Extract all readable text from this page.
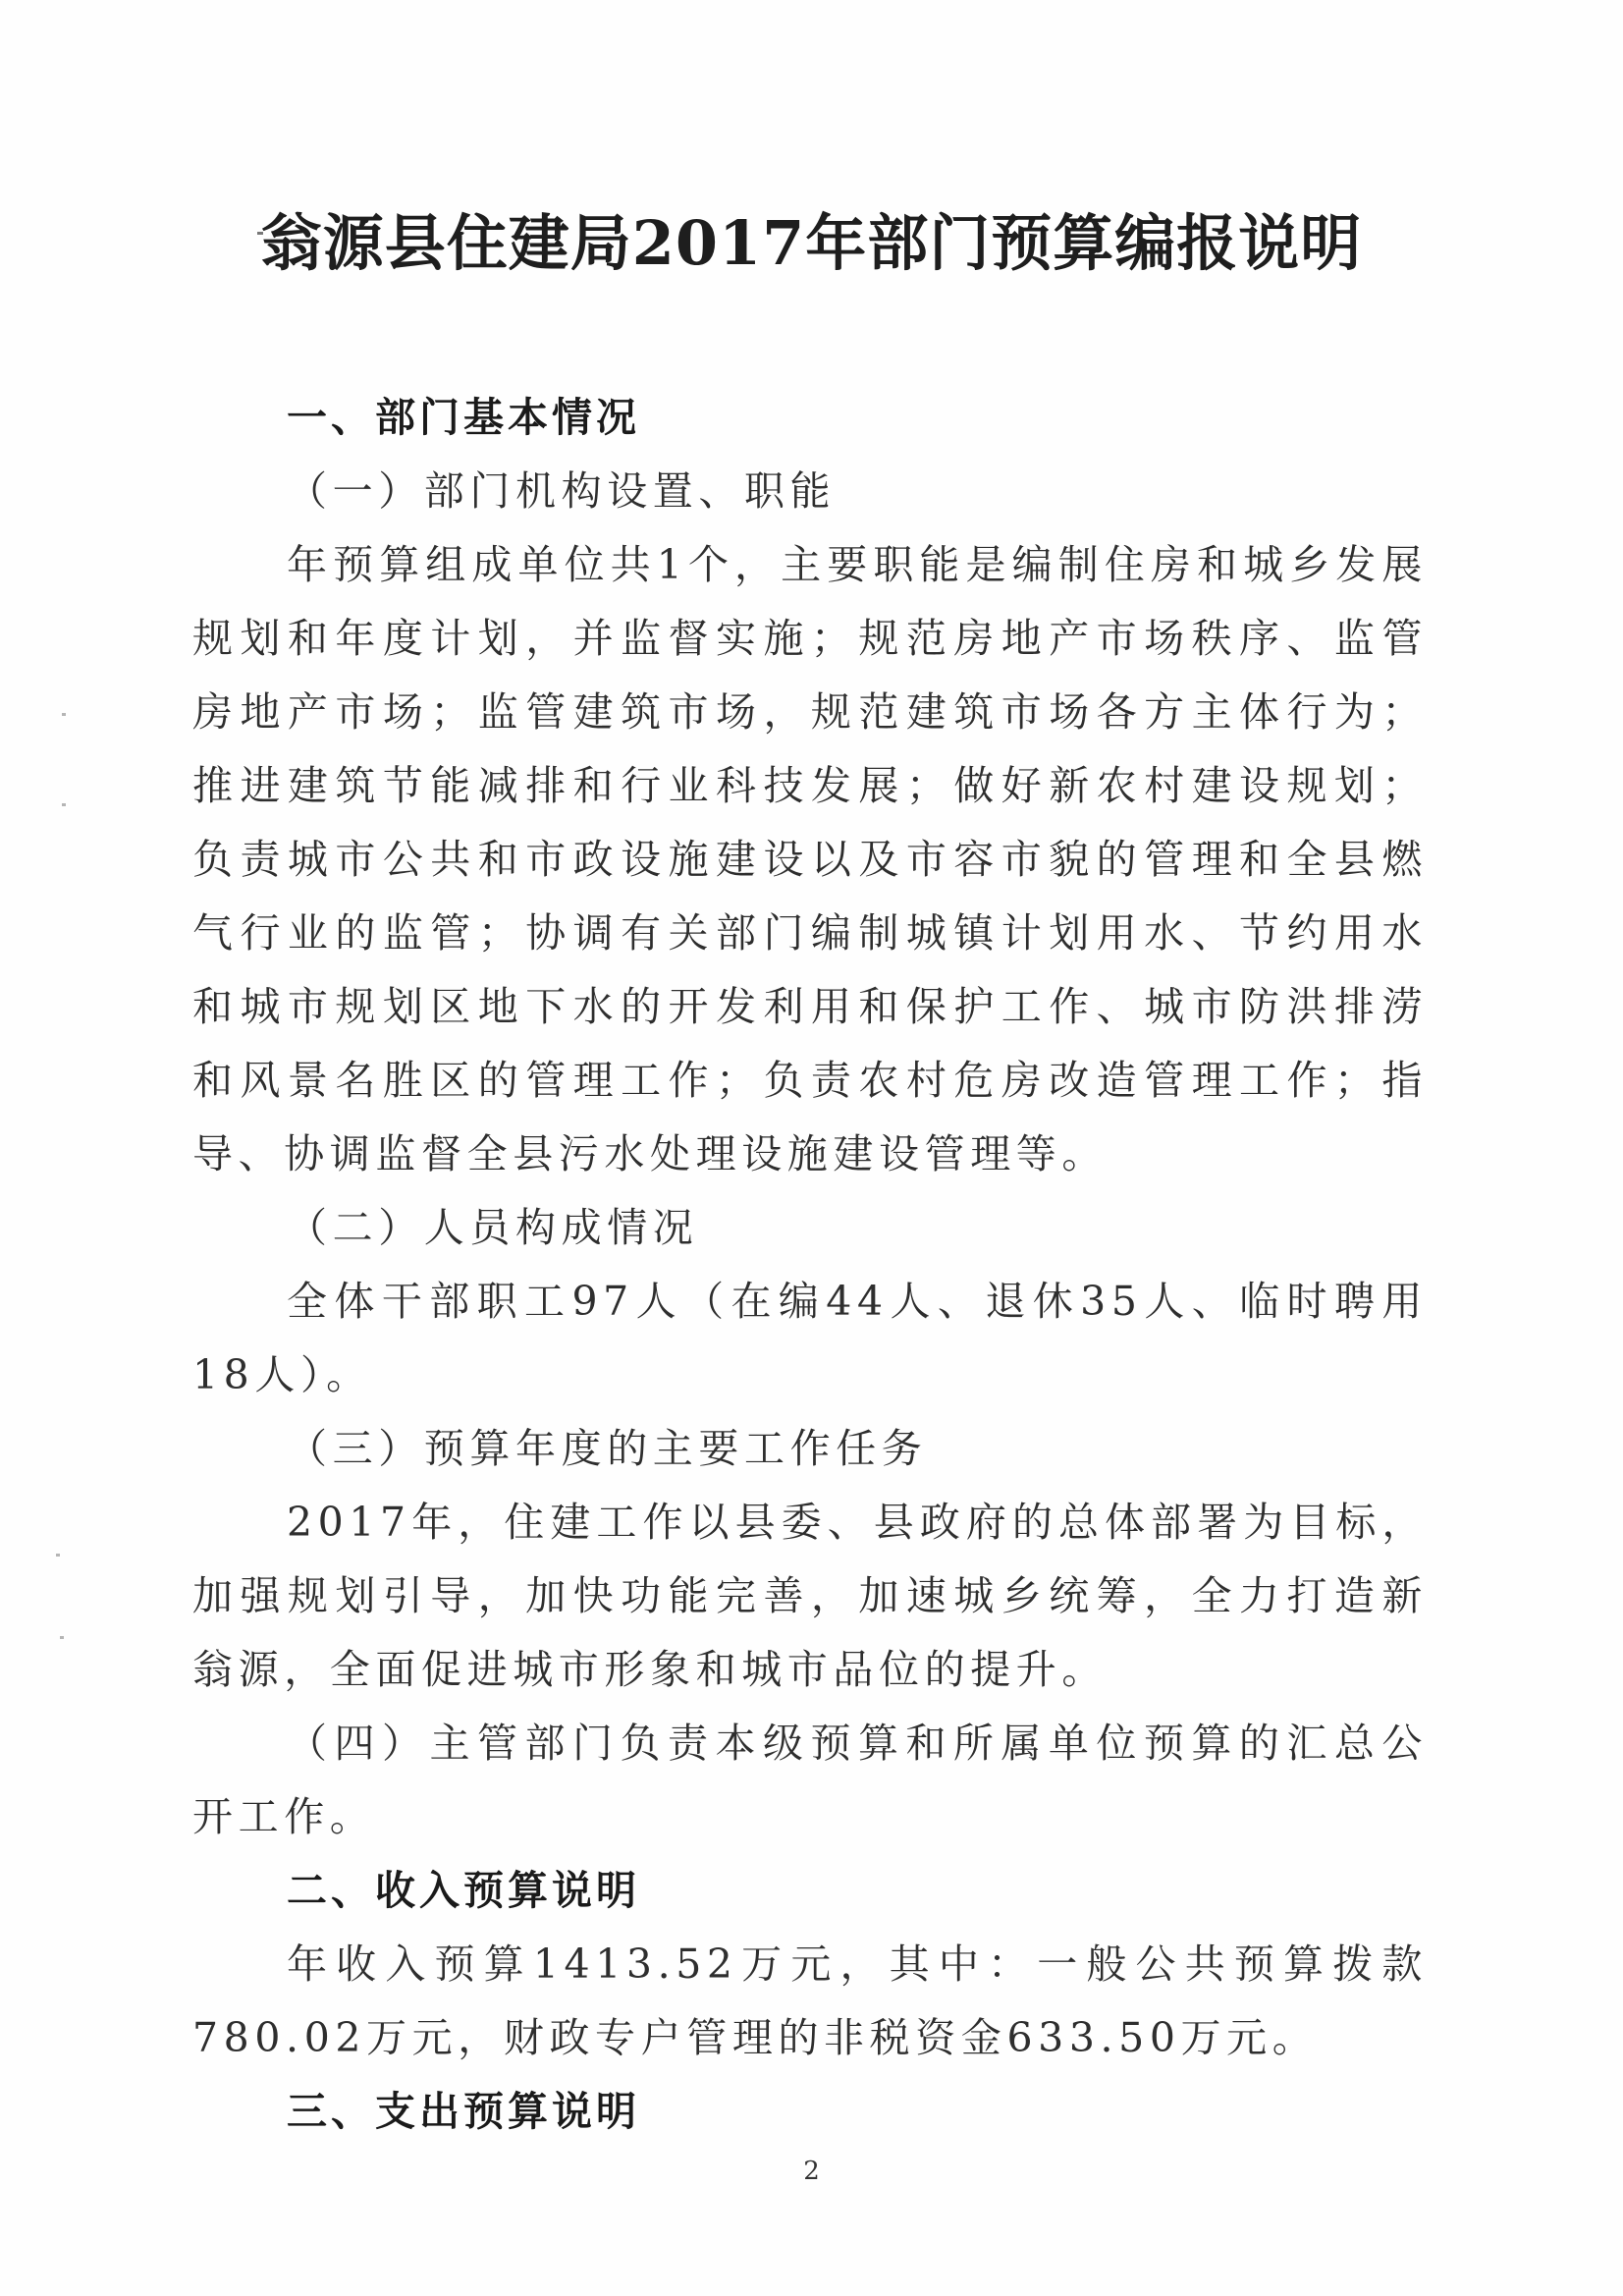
翁源县住建局2017年部门预算编报说明

一、部门基本情况

（一）部门机构设置、职能

年预算组成单位共1个，主要职能是编制住房和城乡发展规划和年度计划，并监督实施；规范房地产市场秩序、监管房地产市场；监管建筑市场，规范建筑市场各方主体行为；推进建筑节能减排和行业科技发展；做好新农村建设规划；负责城市公共和市政设施建设以及市容市貌的管理和全县燃气行业的监管；协调有关部门编制城镇计划用水、节约用水和城市规划区地下水的开发利用和保护工作、城市防洪排涝和风景名胜区的管理工作；负责农村危房改造管理工作；指导、协调监督全县污水处理设施建设管理等。

（二）人员构成情况

全体干部职工97人（在编44人、退休35人、临时聘用18人）。

（三）预算年度的主要工作任务

2017年，住建工作以县委、县政府的总体部署为目标，加强规划引导，加快功能完善，加速城乡统筹，全力打造新翁源，全面促进城市形象和城市品位的提升。

（四）主管部门负责本级预算和所属单位预算的汇总公开工作。

二、收入预算说明

年收入预算1413.52万元，其中：一般公共预算拨款780.02万元，财政专户管理的非税资金633.50万元。

三、支出预算说明

2
